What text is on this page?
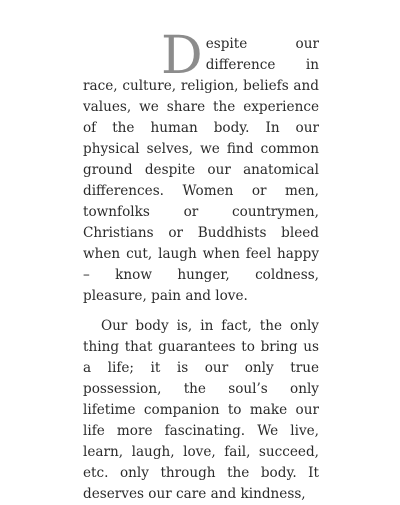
Despite our difference in race, culture, religion, beliefs and values, we share the experience of the human body. In our physical selves, we find common ground despite our anatomical differences. Women or men, townfolks or countrymen, Christians or Buddhists bleed when cut, laugh when feel happy – know hunger, coldness, pleasure, pain and love.

Our body is, in fact, the only thing that guarantees to bring us a life; it is our only true possession, the soul’s only lifetime companion to make our life more fascinating. We live, learn, laugh, love, fail, succeed, etc. only through the body. It deserves our care and kindness,
